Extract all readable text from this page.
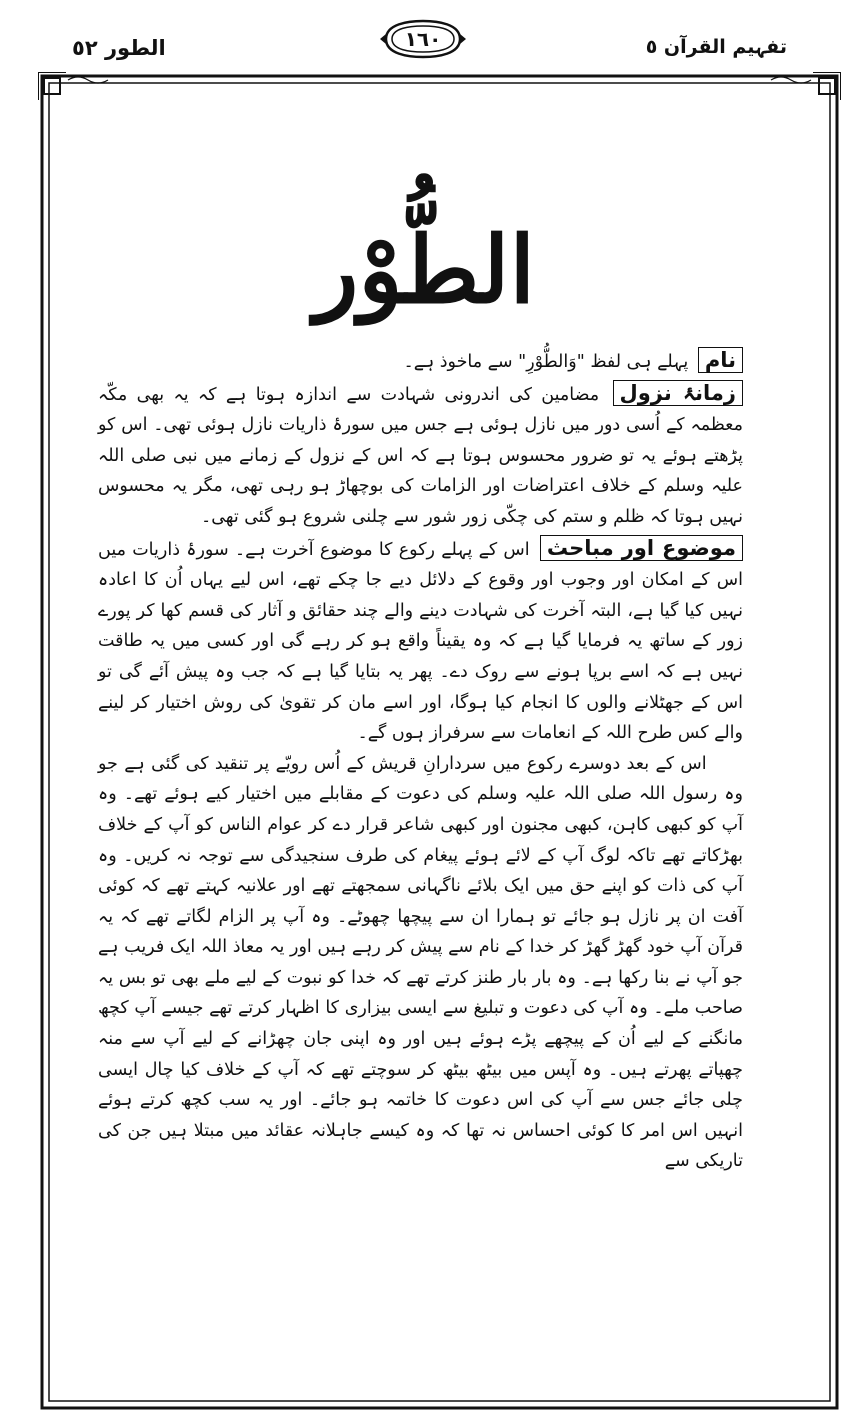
الطور ٥٢	١٦٠	تفہیم القرآن ٥
الطُّوْر

نام پہلے ہی لفظ "وَالطُّوْرِ" سے ماخوذ ہے۔

زمانۂ نزول مضامین کی اندرونی شہادت سے اندازہ ہوتا ہے کہ یہ بھی مکّہ معظمہ کے اُسی دور میں نازل ہوئی ہے جس میں سورۂ ذاریات نازل ہوئی تھی۔ اس کو پڑھتے ہوئے یہ تو ضرور محسوس ہوتا ہے کہ اس کے نزول کے زمانے میں نبی صلی اللہ علیہ وسلم کے خلاف اعتراضات اور الزامات کی بوچھاڑ ہو رہی تھی، مگر یہ محسوس نہیں ہوتا کہ ظلم و ستم کی چکّی زور شور سے چلنی شروع ہو گئی تھی۔

موضوع اور مباحث اس کے پہلے رکوع کا موضوع آخرت ہے۔ سورۂ ذاریات میں اس کے امکان اور وجوب اور وقوع کے دلائل دیے جا چکے تھے، اس لیے یہاں اُن کا اعادہ نہیں کیا گیا ہے، البتہ آخرت کی شہادت دینے والے چند حقائق و آثار کی قسم کھا کر پورے زور کے ساتھ یہ فرمایا گیا ہے کہ وہ یقیناً واقع ہو کر رہے گی اور کسی میں یہ طاقت نہیں ہے کہ اسے برپا ہونے سے روک دے۔ پھر یہ بتایا گیا ہے کہ جب وہ پیش آئے گی تو اس کے جھٹلانے والوں کا انجام کیا ہوگا، اور اسے مان کر تقویٰ کی روش اختیار کر لینے والے کس طرح اللہ کے انعامات سے سرفراز ہوں گے۔

اس کے بعد دوسرے رکوع میں سردارانِ قریش کے اُس رویّے پر تنقید کی گئی ہے جو وہ رسول اللہ صلی اللہ علیہ وسلم کی دعوت کے مقابلے میں اختیار کیے ہوئے تھے۔ وہ آپ کو کبھی کاہن، کبھی مجنون اور کبھی شاعر قرار دے کر عوام الناس کو آپ کے خلاف بھڑکاتے تھے تاکہ لوگ آپ کے لائے ہوئے پیغام کی طرف سنجیدگی سے توجہ نہ کریں۔ وہ آپ کی ذات کو اپنے حق میں ایک بلائے ناگہانی سمجھتے تھے اور علانیہ کہتے تھے کہ کوئی آفت ان پر نازل ہو جائے تو ہمارا ان سے پیچھا چھوٹے۔ وہ آپ پر الزام لگاتے تھے کہ یہ قرآن آپ خود گھڑ گھڑ کر خدا کے نام سے پیش کر رہے ہیں اور یہ معاذ اللہ ایک فریب ہے جو آپ نے بنا رکھا ہے۔ وہ بار بار طنز کرتے تھے کہ خدا کو نبوت کے لیے ملے بھی تو بس یہ صاحب ملے۔ وہ آپ کی دعوت و تبلیغ سے ایسی بیزاری کا اظہار کرتے تھے جیسے آپ کچھ مانگنے کے لیے اُن کے پیچھے پڑے ہوئے ہیں اور وہ اپنی جان چھڑانے کے لیے آپ سے منہ چھپاتے پھرتے ہیں۔ وہ آپس میں بیٹھ بیٹھ کر سوچتے تھے کہ آپ کے خلاف کیا چال ایسی چلی جائے جس سے آپ کی اس دعوت کا خاتمہ ہو جائے۔ اور یہ سب کچھ کرتے ہوئے انہیں اس امر کا کوئی احساس نہ تھا کہ وہ کیسے جاہلانہ عقائد میں مبتلا ہیں جن کی تاریکی سے
